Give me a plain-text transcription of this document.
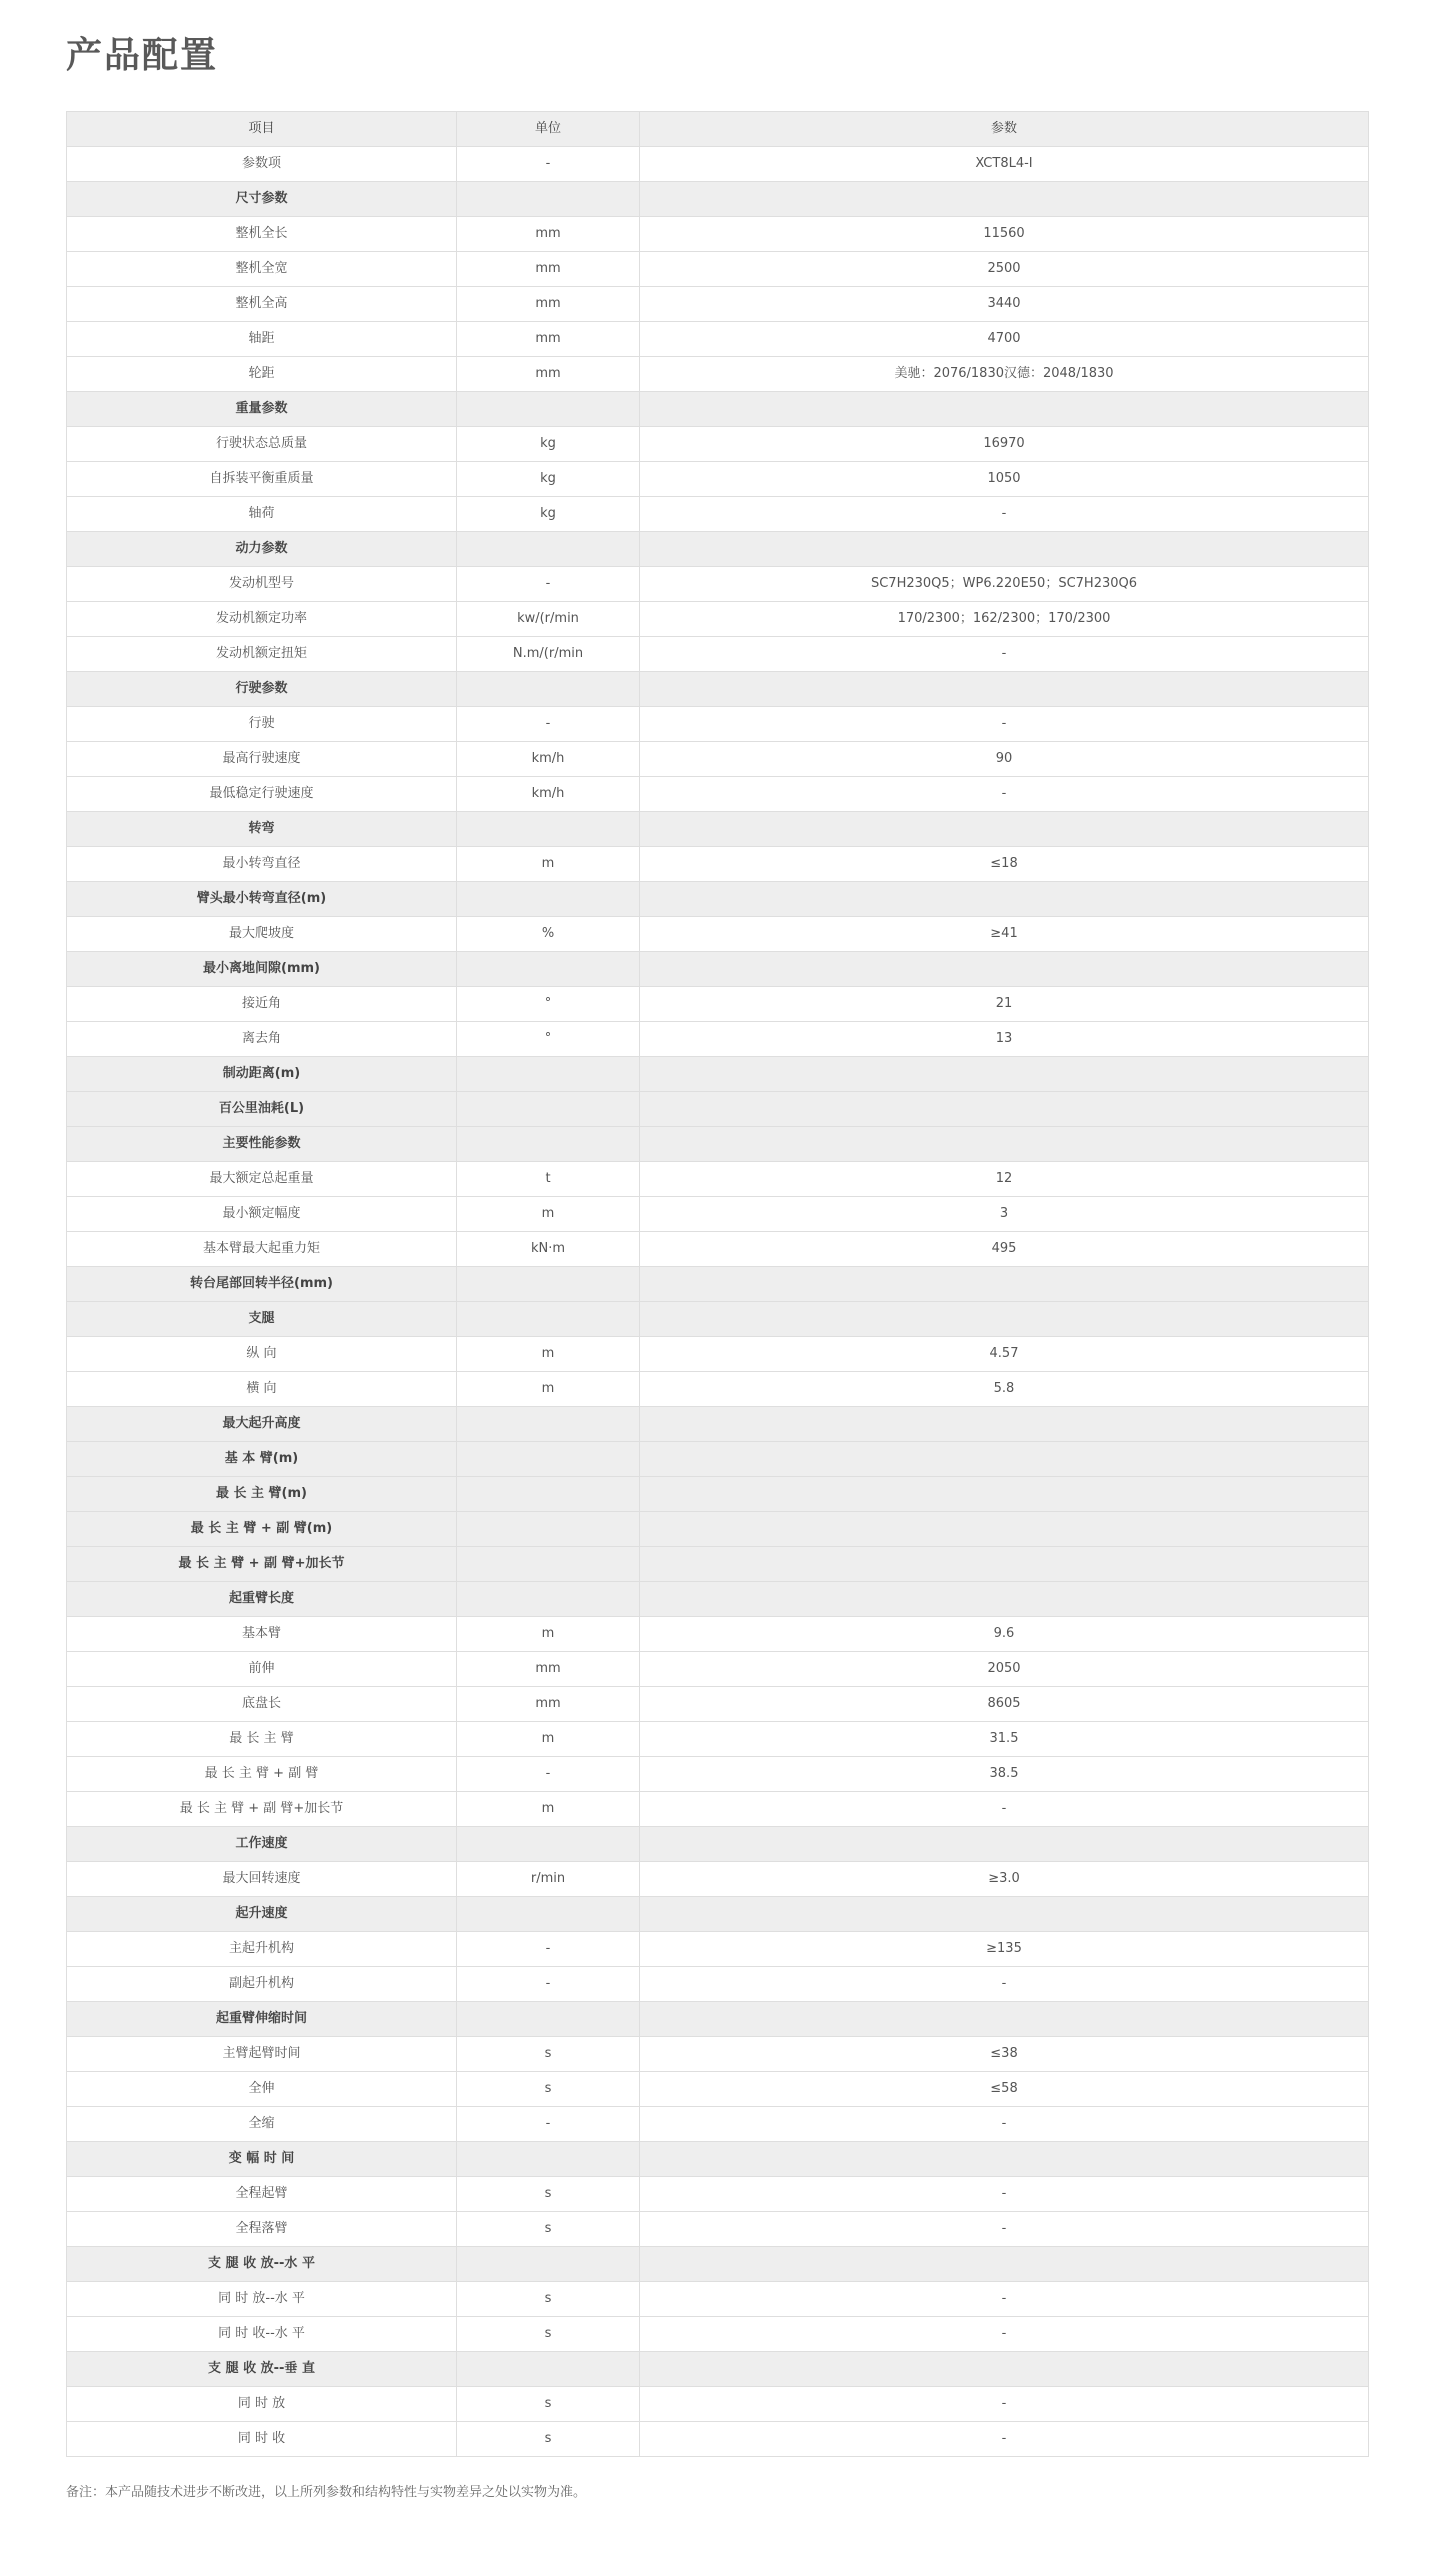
产品配置
项目	单位	参数
参数项	-	XCT8L4-Ⅰ
尺寸参数		
整机全长	mm	11560
整机全宽	mm	2500
整机全高	mm	3440
轴距	mm	4700
轮距	mm	美驰：2076/1830汉德：2048/1830
重量参数		
行驶状态总质量	kg	16970
自拆装平衡重质量	kg	1050
轴荷	kg	-
动力参数		
发动机型号	-	SC7H230Q5；WP6.220E50；SC7H230Q6
发动机额定功率	kw/(r/min	170/2300；162/2300；170/2300
发动机额定扭矩	N.m/(r/min	-
行驶参数		
行驶	-	-
最高行驶速度	km/h	90
最低稳定行驶速度	km/h	-
转弯		
最小转弯直径	m	≤18
臂头最小转弯直径(m)		
最大爬坡度	%	≥41
最小离地间隙(mm)		
接近角	°	21
离去角	°	13
制动距离(m)		
百公里油耗(L)		
主要性能参数		
最大额定总起重量	t	12
最小额定幅度	m	3
基本臂最大起重力矩	kN·m	495
转台尾部回转半径(mm)		
支腿		
纵 向	m	4.57
横 向	m	5.8
最大起升高度		
基 本 臂(m)		
最 长 主 臂(m)		
最 长 主 臂 + 副 臂(m)		
最 长 主 臂 + 副 臂+加长节		
起重臂长度		
基本臂	m	9.6
前伸	mm	2050
底盘长	mm	8605
最 长 主 臂	m	31.5
最 长 主 臂 + 副 臂	-	38.5
最 长 主 臂 + 副 臂+加长节	m	-
工作速度		
最大回转速度	r/min	≥3.0
起升速度		
主起升机构	-	≥135
副起升机构	-	-
起重臂伸缩时间		
主臂起臂时间	s	≤38
全伸	s	≤58
全缩	-	-
变 幅 时 间		
全程起臂	s	-
全程落臂	s	-
支 腿 收 放--水 平		
同 时 放--水 平	s	-
同 时 收--水 平	s	-
支 腿 收 放--垂 直		
同 时 放	s	-
同 时 收	s	-

备注：本产品随技术进步不断改进，以上所列参数和结构特性与实物差异之处以实物为准。
